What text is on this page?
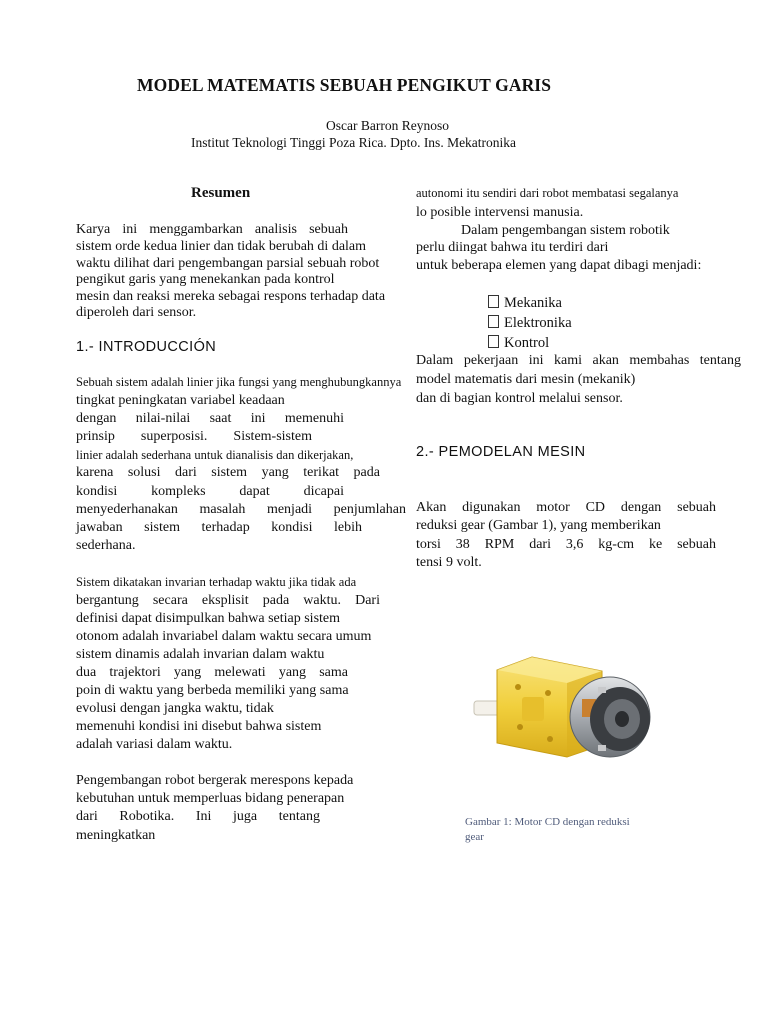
MODEL MATEMATIS SEBUAH PENGIKUT GARIS
Oscar Barron Reynoso
Institut Teknologi Tinggi Poza Rica. Dpto. Ins. Mekatronika
Resumen
Karya ini menggambarkan analisis sebuah
sistem orde kedua linier dan tidak berubah di dalam
waktu dilihat dari pengembangan parsial sebuah robot
pengikut garis yang menekankan pada kontrol
mesin dan reaksi mereka sebagai respons terhadap data
diperoleh dari sensor.
1.- INTRODUCCIÓN
Sebuah sistem adalah linier jika fungsi yang menghubungkannya
tingkat peningkatan variabel keadaan
dengan nilai-nilai saat ini memenuhi
prinsip superposisi. Sistem-sistem
linier adalah sederhana untuk dianalisis dan dikerjakan,
karena solusi dari sistem yang terikat pada
kondisi kompleks dapat dicapai
menyederhanakan masalah menjadi penjumlahan
jawaban sistem terhadap kondisi lebih
sederhana.
Sistem dikatakan invarian terhadap waktu jika tidak ada
bergantung secara eksplisit pada waktu. Dari
definisi dapat disimpulkan bahwa setiap sistem
otonom adalah invariabel dalam waktu secara umum
sistem dinamis adalah invarian dalam waktu
dua trajektori yang melewati yang sama
poin di waktu yang berbeda memiliki yang sama
evolusi dengan jangka waktu, tidak
memenuhi kondisi ini disebut bahwa sistem
adalah variasi dalam waktu.
Pengembangan robot bergerak merespons kepada
kebutuhan untuk memperluas bidang penerapan
dari Robotika. Ini juga tentang
meningkatkan
autonomi itu sendiri dari robot membatasi segalanya
lo posible intervensi manusia.
Dalam pengembangan sistem robotik
perlu diingat bahwa itu terdiri dari
untuk beberapa elemen yang dapat dibagi menjadi:
Mekanika
Elektronika
Kontrol
Dalam pekerjaan ini kami akan membahas tentang
model matematis dari mesin (mekanik)
dan di bagian kontrol melalui sensor.
2.- PEMODELAN MESIN
Akan digunakan motor CD dengan sebuah
reduksi gear (Gambar 1), yang memberikan
torsi 38 RPM dari 3,6 kg-cm ke sebuah
tensi 9 volt.
Gambar 1: Motor CD dengan reduksi
gear
